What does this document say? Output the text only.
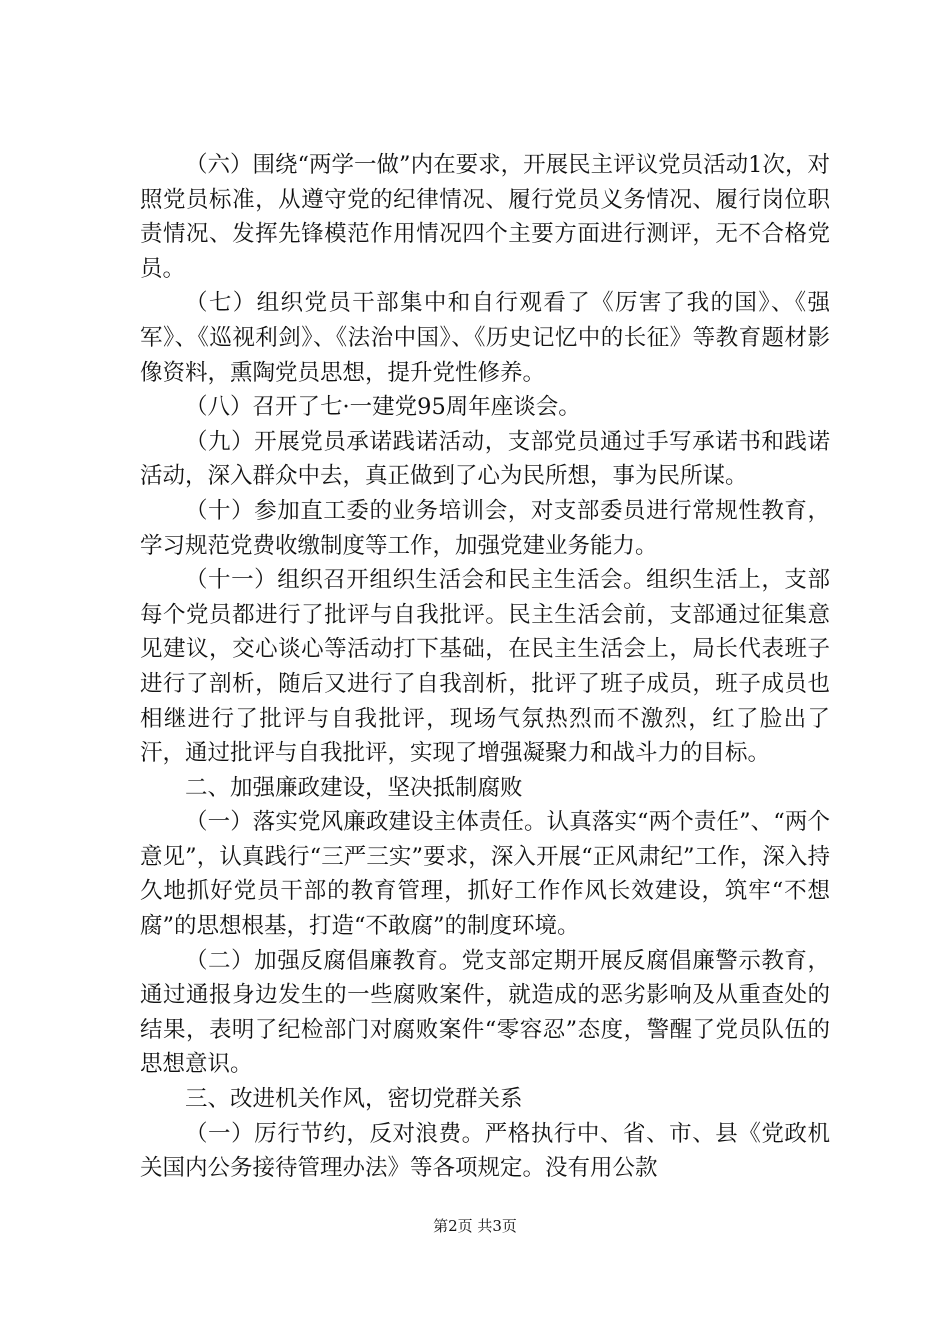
（六）围绕“两学一做”内在要求，开展民主评议党员活动1次，对照党员标准，从遵守党的纪律情况、履行党员义务情况、履行岗位职责情况、发挥先锋模范作用情况四个主要方面进行测评，无不合格党员。

（七）组织党员干部集中和自行观看了《厉害了我的国》、《强军》、《巡视利剑》、《法治中国》、《历史记忆中的长征》等教育题材影像资料，熏陶党员思想，提升党性修养。

（八）召开了七·一建党95周年座谈会。

（九）开展党员承诺践诺活动，支部党员通过手写承诺书和践诺活动，深入群众中去，真正做到了心为民所想，事为民所谋。

（十）参加直工委的业务培训会，对支部委员进行常规性教育，学习规范党费收缴制度等工作，加强党建业务能力。

（十一）组织召开组织生活会和民主生活会。组织生活上，支部每个党员都进行了批评与自我批评。民主生活会前，支部通过征集意见建议，交心谈心等活动打下基础，在民主生活会上，局长代表班子进行了剖析，随后又进行了自我剖析，批评了班子成员，班子成员也相继进行了批评与自我批评，现场气氛热烈而不激烈，红了脸出了汗，通过批评与自我批评，实现了增强凝聚力和战斗力的目标。

二、加强廉政建设，坚决抵制腐败

（一）落实党风廉政建设主体责任。认真落实“两个责任”、“两个意见”，认真践行“三严三实”要求，深入开展“正风肃纪”工作，深入持久地抓好党员干部的教育管理，抓好工作作风长效建设，筑牢“不想腐”的思想根基，打造“不敢腐”的制度环境。

（二）加强反腐倡廉教育。党支部定期开展反腐倡廉警示教育，通过通报身边发生的一些腐败案件，就造成的恶劣影响及从重查处的结果，表明了纪检部门对腐败案件“零容忍”态度，警醒了党员队伍的思想意识。

三、改进机关作风，密切党群关系

（一）厉行节约，反对浪费。严格执行中、省、市、县《党政机关国内公务接待管理办法》等各项规定。没有用公款

第2页 共3页
